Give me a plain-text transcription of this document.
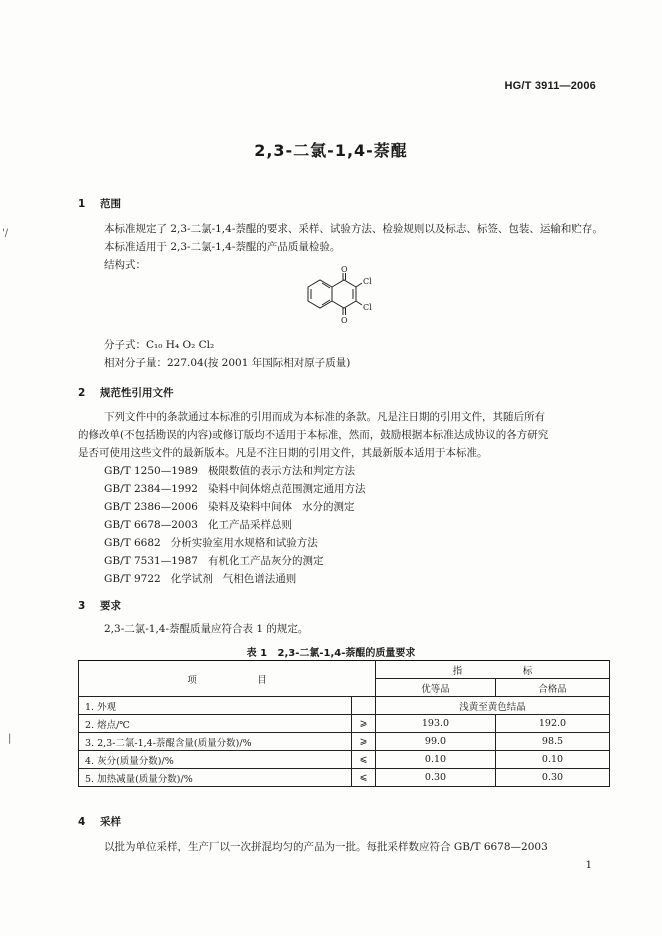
HG/T 3911—2006
'/
|
2,3-二氯-1,4-萘醌
1 范围
本标准规定了 2,3-二氯-1,4-萘醌的要求、采样、试验方法、检验规则以及标志、标签、包装、运输和贮存。
本标准适用于 2,3-二氯-1,4-萘醌的产品质量检验。
结构式：	O
O
Cl
Cl
分子式：C₁₀ H₄ O₂ Cl₂
相对分子量：227.04(按 2001 年国际相对原子质量)
2 规范性引用文件
下列文件中的条款通过本标准的引用而成为本标准的条款。凡是注日期的引用文件，其随后所有
的修改单(不包括勘误的内容)或修订版均不适用于本标准，然而，鼓励根据本标准达成协议的各方研究
是否可使用这些文件的最新版本。凡是不注日期的引用文件，其最新版本适用于本标准。
GB/T 1250—1989   极限数值的表示方法和判定方法
GB/T 2384—1992   染料中间体熔点范围测定通用方法
GB/T 2386—2006   染料及染料中间体   水分的测定
GB/T 6678—2003   化工产品采样总则
GB/T 6682   分析实验室用水规格和试验方法
GB/T 7531—1987   有机化工产品灰分的测定
GB/T 9722   化学试剂   气相色谱法通则
3 要求
2,3-二氯-1,4-萘醌质量应符合表 1 的规定。
表 1   2,3-二氯-1,4-萘醌的质量要求
项                    目		指                    标	
		优等品	合格品
1. 外观		浅黄至黄色结晶	
2. 熔点/℃	⩾	193.0	192.0
3. 2,3-二氯-1,4-萘醌含量(质量分数)/%	⩾	99.0	98.5
4. 灰分(质量分数)/%	⩽	0.10	0.10
5. 加热减量(质量分数)/%	⩽	0.30	0.30
4 采样
以批为单位采样，生产厂以一次拼混均匀的产品为一批。每批采样数应符合 GB/T 6678—2003
1
